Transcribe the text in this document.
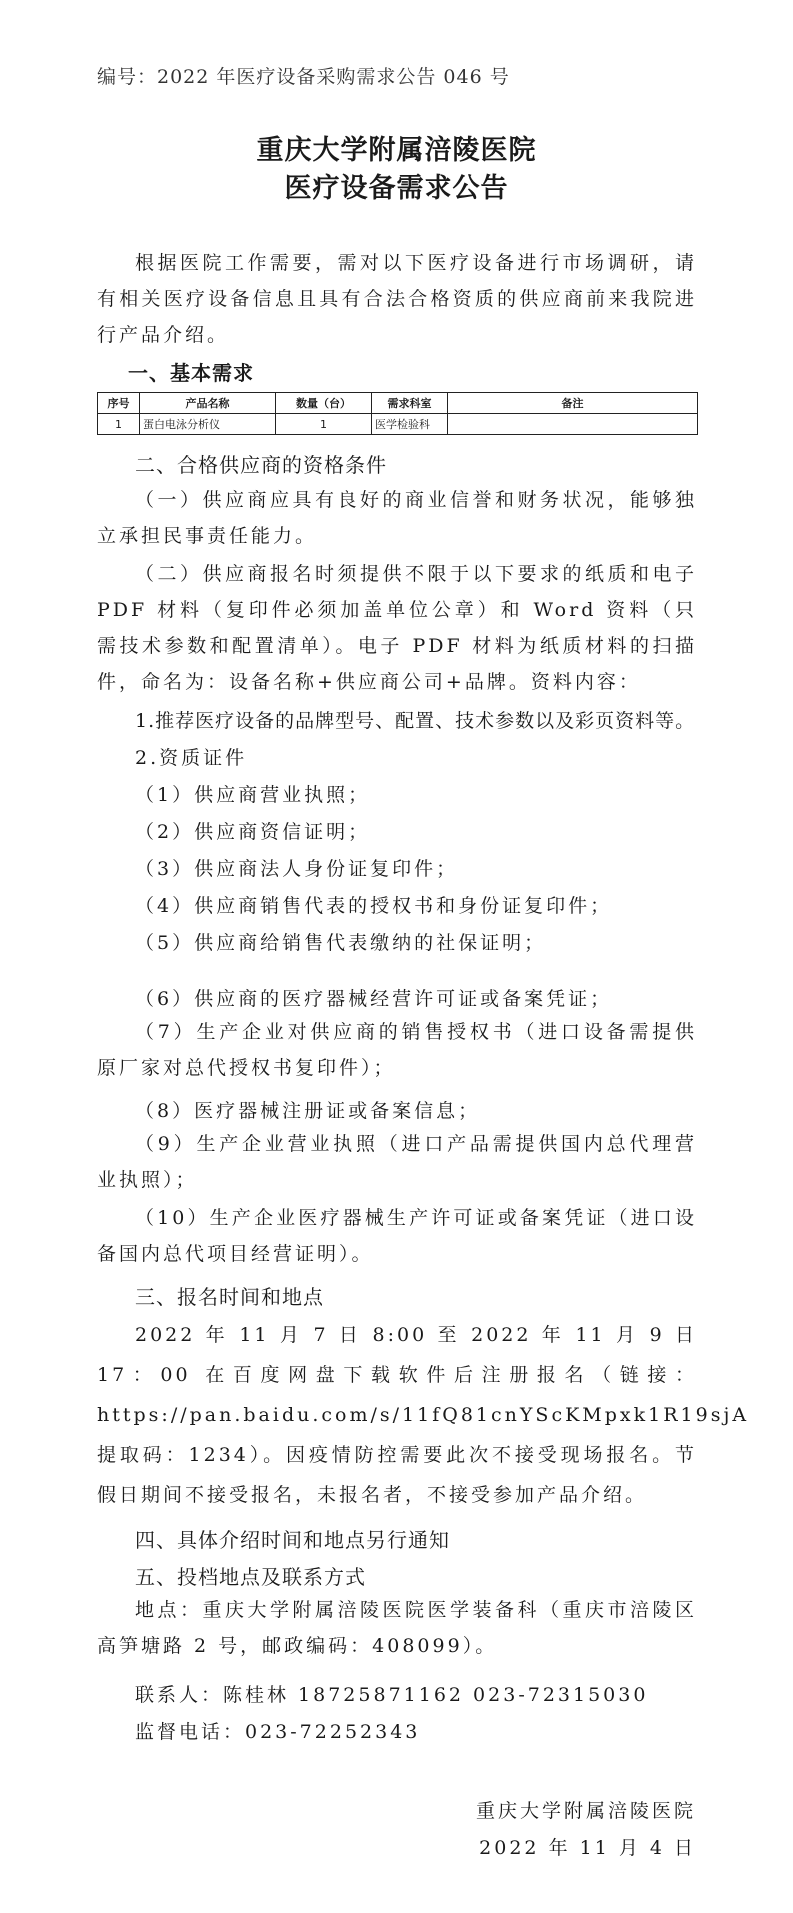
编号：2022 年医疗设备采购需求公告 046 号
重庆大学附属涪陵医院
医疗设备需求公告
根据医院工作需要，需对以下医疗设备进行市场调研，请有相关医疗设备信息且具有合法合格资质的供应商前来我院进行产品介绍。
一、基本需求
序号	产品名称	数量（台）	需求科室	备注
1	蛋白电泳分析仪	1	医学检验科	
二、合格供应商的资格条件
（一）供应商应具有良好的商业信誉和财务状况，能够独立承担民事责任能力。
（二）供应商报名时须提供不限于以下要求的纸质和电子 PDF 材料（复印件必须加盖单位公章）和 Word 资料（只需技术参数和配置清单）。电子 PDF 材料为纸质材料的扫描件，命名为：设备名称+供应商公司+品牌。资料内容：
1.推荐医疗设备的品牌型号、配置、技术参数以及彩页资料等。
2.资质证件
（1）供应商营业执照；
（2）供应商资信证明；
（3）供应商法人身份证复印件；
（4）供应商销售代表的授权书和身份证复印件；
（5）供应商给销售代表缴纳的社保证明；
（6）供应商的医疗器械经营许可证或备案凭证；
（7）生产企业对供应商的销售授权书（进口设备需提供原厂家对总代授权书复印件）；
（8）医疗器械注册证或备案信息；
（9）生产企业营业执照（进口产品需提供国内总代理营业执照）；
（10）生产企业医疗器械生产许可证或备案凭证（进口设备国内总代项目经营证明）。
三、报名时间和地点
2022 年 11 月 7 日 8:00 至 2022 年 11 月 9 日 17：00 在百度网盘下载软件后注册报名（链接：https://pan.baidu.com/s/11fQ81cnYScKMpxk1R19sjA 提取码：1234）。因疫情防控需要此次不接受现场报名。节假日期间不接受报名，未报名者，不接受参加产品介绍。
四、具体介绍时间和地点另行通知
五、投档地点及联系方式
地点：重庆大学附属涪陵医院医学装备科（重庆市涪陵区高笋塘路 2 号，邮政编码：408099）。
联系人：陈桂林 18725871162 023-72315030
监督电话：023-72252343
重庆大学附属涪陵医院
2022 年 11 月 4 日
